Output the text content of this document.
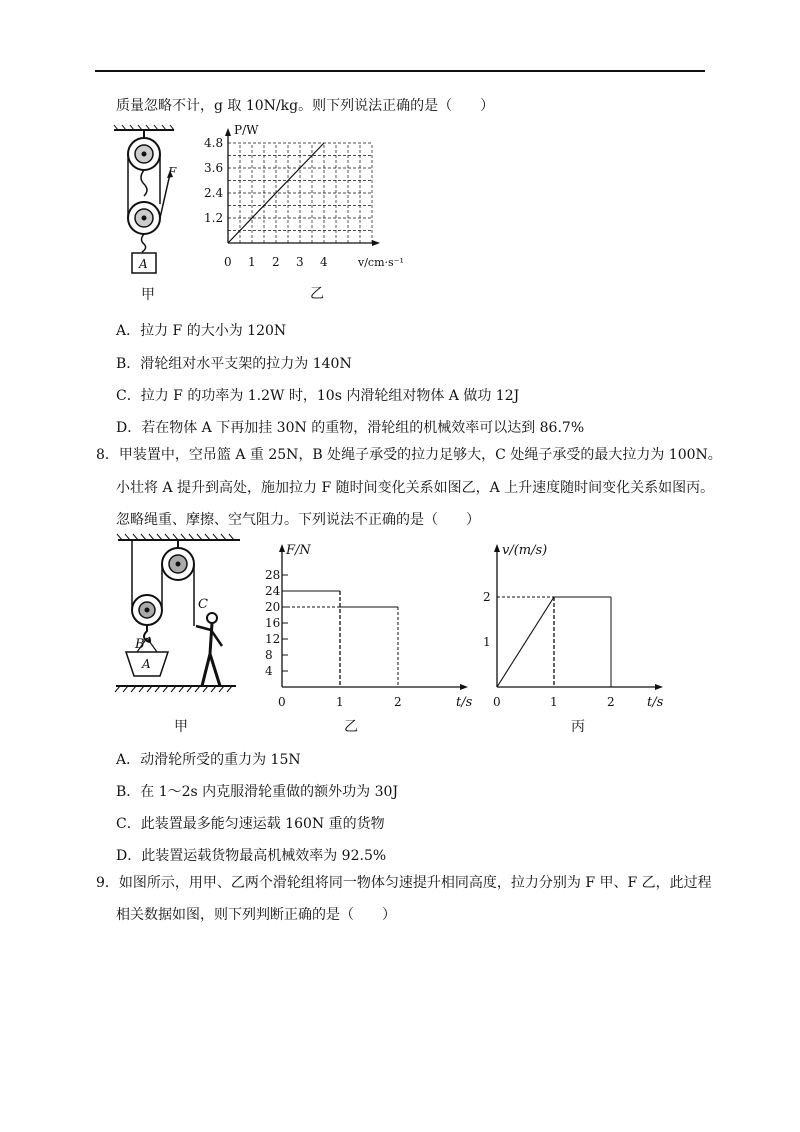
质量忽略不计，g 取 10N/kg。则下列说法正确的是（　　）
F
A
甲
4.8
3.6
2.4
1.2
0 1 2 3 4
P/W
v/cm·s⁻¹
乙
A．拉力 F 的大小为 120N
B．滑轮组对水平支架的拉力为 140N
C．拉力 F 的功率为 1.2W 时，10s 内滑轮组对物体 A 做功 12J
D．若在物体 A 下再加挂 30N 的重物，滑轮组的机械效率可以达到 86.7%
8．甲装置中，空吊篮 A 重 25N，B 处绳子承受的拉力足够大，C 处绳子承受的最大拉力为 100N。
小壮将 A 提升到高处，施加拉力 F 随时间变化关系如图乙，A 上升速度随时间变化关系如图丙。
忽略绳重、摩擦、空气阻力。下列说法不正确的是（　　）
B
C
A
甲
28
24
20
16
12
8
4
0	1	2
F/N
t/s
乙
2
1
0	1	2
v/(m/s)
t/s
丙
A．动滑轮所受的重力为 15N
B．在 1～2s 内克服滑轮重做的额外功为 30J
C．此装置最多能匀速运载 160N 重的货物
D．此装置运载货物最高机械效率为 92.5%
9．如图所示，用甲、乙两个滑轮组将同一物体匀速提升相同高度，拉力分别为 F 甲、F 乙，此过程
相关数据如图，则下列判断正确的是（　　）
